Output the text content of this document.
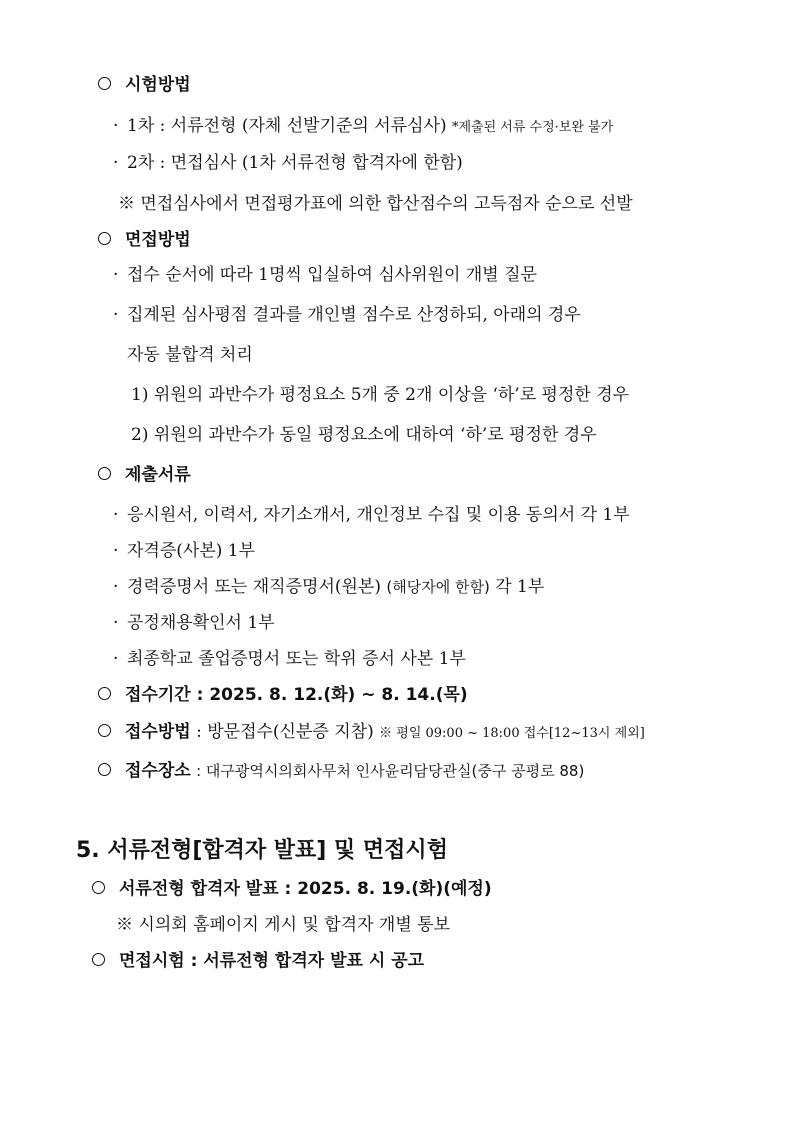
시험방법
· 1차 : 서류전형 (자체 선발기준의 서류심사) *제출된 서류 수정·보완 불가
· 2차 : 면접심사 (1차 서류전형 합격자에 한함)
※ 면접심사에서 면접평가표에 의한 합산점수의 고득점자 순으로 선발
면접방법
· 접수 순서에 따라 1명씩 입실하여 심사위원이 개별 질문
· 집계된 심사평점 결과를 개인별 점수로 산정하되, 아래의 경우
자동 불합격 처리
1) 위원의 과반수가 평정요소 5개 중 2개 이상을 ‘하’로 평정한 경우
2) 위원의 과반수가 동일 평정요소에 대하여 ‘하’로 평정한 경우
제출서류
· 응시원서, 이력서, 자기소개서, 개인정보 수집 및 이용 동의서 각 1부
· 자격증(사본) 1부
· 경력증명서 또는 재직증명서(원본) (해당자에 한함) 각 1부
· 공정채용확인서 1부
· 최종학교 졸업증명서 또는 학위 증서 사본 1부
접수기간 : 2025. 8. 12.(화) ~ 8. 14.(목)
접수방법 : 방문접수(신분증 지참) ※ 평일 09:00 ~ 18:00 접수[12~13시 제외]
접수장소 : 대구광역시의회사무처 인사윤리담당관실(중구 공평로 88)
5. 서류전형[합격자 발표] 및 면접시험
서류전형 합격자 발표 : 2025. 8. 19.(화)(예정)
※ 시의회 홈페이지 게시 및 합격자 개별 통보
면접시험 : 서류전형 합격자 발표 시 공고
